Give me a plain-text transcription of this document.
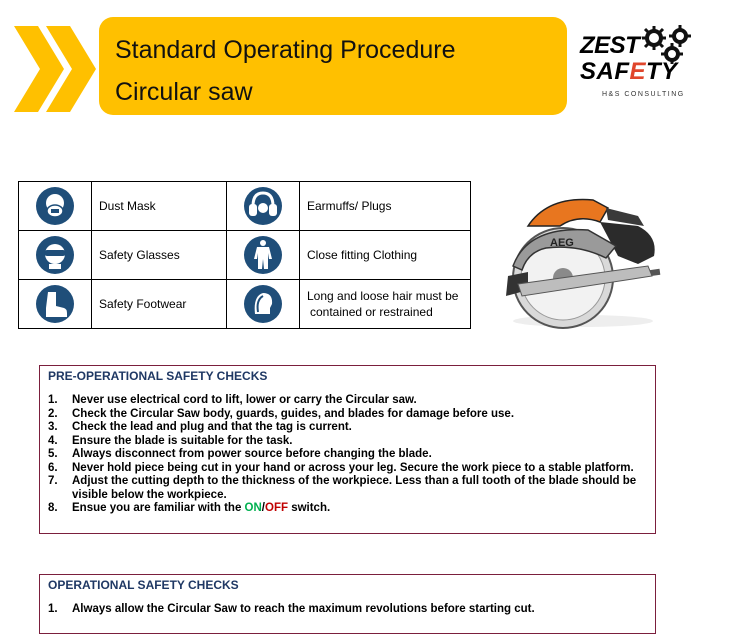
Standard Operating Procedure
Circular saw
ZEST
SAFETY
H&S CONSULTING

Dust Mask		Earmuffs/ Plugs

Safety Glasses		Close fitting Clothing

Safety Footwear		Long and loose hair must be
contained or restrained
AEG
PRE-OPERATIONAL SAFETY CHECKS
1.	Never use electrical cord to lift, lower or carry the Circular saw.
2.	Check the Circular Saw body, guards, guides, and blades for damage before use.
3.	Check the lead and plug and that the tag is current.
4.	Ensure the blade is suitable for the task.
5.	Always disconnect from power source before changing the blade.
6.	Never hold piece being cut in your hand or across your leg. Secure the work piece to a stable platform.
7.	Adjust the cutting depth to the thickness of the workpiece. Less than a full tooth of the blade should be visible below the workpiece.
8.	Ensue you are familiar with the ON/OFF switch.
OPERATIONAL SAFETY CHECKS
1.	Always allow the Circular Saw to reach the maximum revolutions before starting cut.
